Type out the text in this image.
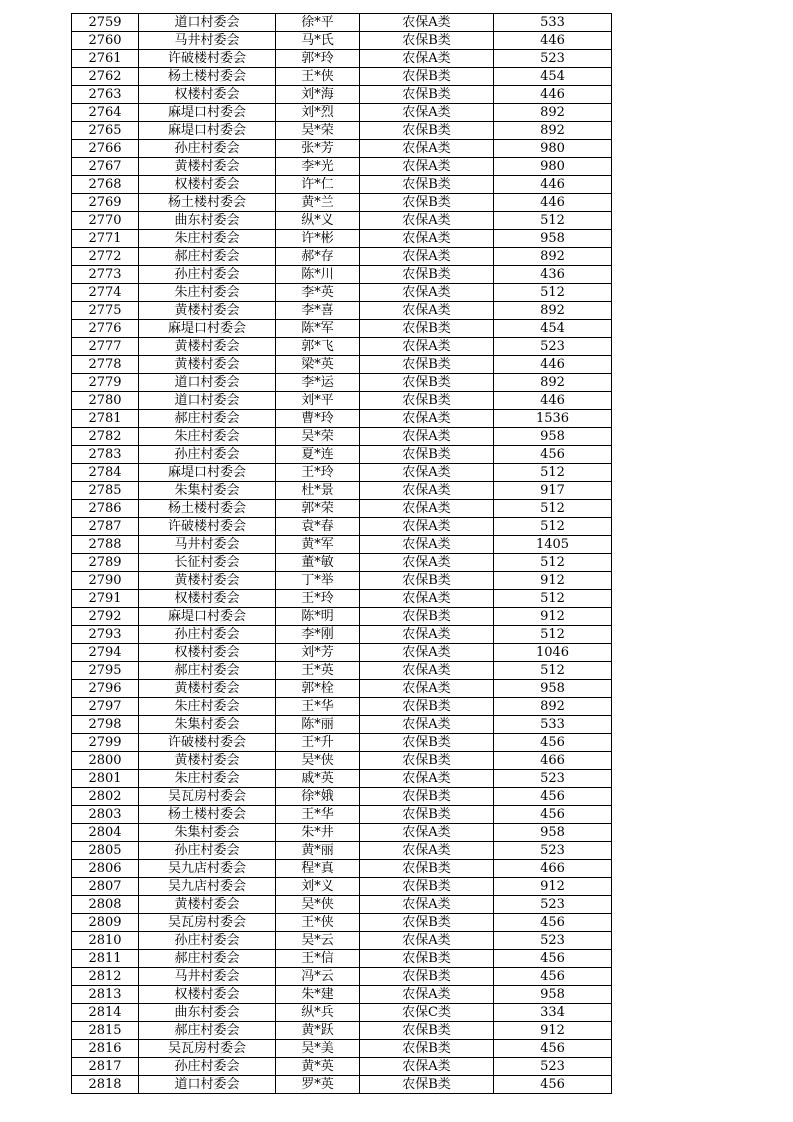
2759	道口村委会	徐*平	农保A类	533
2760	马井村委会	马*氏	农保B类	446
2761	许破楼村委会	郭*玲	农保A类	523
2762	杨土楼村委会	王*侠	农保B类	454
2763	权楼村委会	刘*海	农保B类	446
2764	麻堤口村委会	刘*烈	农保A类	892
2765	麻堤口村委会	吴*荣	农保B类	892
2766	孙庄村委会	张*芳	农保A类	980
2767	黄楼村委会	李*光	农保A类	980
2768	权楼村委会	许*仁	农保B类	446
2769	杨土楼村委会	黄*兰	农保B类	446
2770	曲东村委会	纵*义	农保A类	512
2771	朱庄村委会	许*彬	农保A类	958
2772	郝庄村委会	郝*存	农保A类	892
2773	孙庄村委会	陈*川	农保B类	436
2774	朱庄村委会	李*英	农保A类	512
2775	黄楼村委会	李*喜	农保A类	892
2776	麻堤口村委会	陈*军	农保B类	454
2777	黄楼村委会	郭*飞	农保A类	523
2778	黄楼村委会	梁*英	农保B类	446
2779	道口村委会	李*运	农保B类	892
2780	道口村委会	刘*平	农保B类	446
2781	郝庄村委会	曹*玲	农保A类	1536
2782	朱庄村委会	吴*荣	农保A类	958
2783	孙庄村委会	夏*连	农保B类	456
2784	麻堤口村委会	王*玲	农保A类	512
2785	朱集村委会	杜*景	农保A类	917
2786	杨土楼村委会	郭*荣	农保A类	512
2787	许破楼村委会	袁*春	农保A类	512
2788	马井村委会	黄*军	农保A类	1405
2789	长征村委会	董*敏	农保A类	512
2790	黄楼村委会	丁*举	农保B类	912
2791	权楼村委会	王*玲	农保A类	512
2792	麻堤口村委会	陈*明	农保B类	912
2793	孙庄村委会	李*刚	农保A类	512
2794	权楼村委会	刘*芳	农保A类	1046
2795	郝庄村委会	王*英	农保A类	512
2796	黄楼村委会	郭*栓	农保A类	958
2797	朱庄村委会	王*华	农保B类	892
2798	朱集村委会	陈*丽	农保A类	533
2799	许破楼村委会	王*升	农保B类	456
2800	黄楼村委会	吴*侠	农保B类	466
2801	朱庄村委会	戚*英	农保A类	523
2802	吴瓦房村委会	徐*娥	农保B类	456
2803	杨土楼村委会	王*华	农保B类	456
2804	朱集村委会	朱*井	农保A类	958
2805	孙庄村委会	黄*丽	农保A类	523
2806	吴九店村委会	程*真	农保B类	466
2807	吴九店村委会	刘*义	农保B类	912
2808	黄楼村委会	吴*侠	农保A类	523
2809	吴瓦房村委会	王*侠	农保B类	456
2810	孙庄村委会	吴*云	农保A类	523
2811	郝庄村委会	王*信	农保B类	456
2812	马井村委会	冯*云	农保B类	456
2813	权楼村委会	朱*建	农保A类	958
2814	曲东村委会	纵*兵	农保C类	334
2815	郝庄村委会	黄*跃	农保B类	912
2816	吴瓦房村委会	吴*美	农保B类	456
2817	孙庄村委会	黄*英	农保A类	523
2818	道口村委会	罗*英	农保B类	456
